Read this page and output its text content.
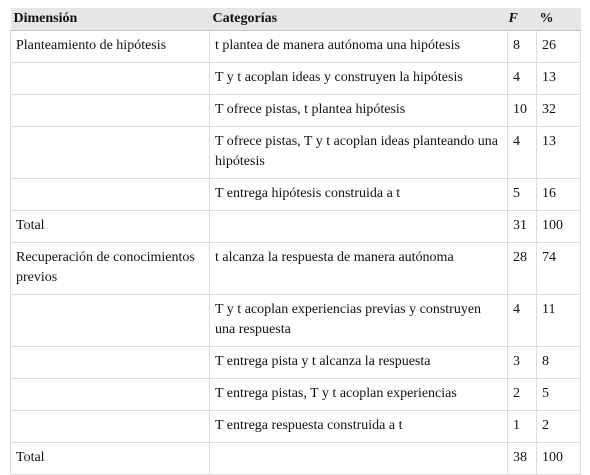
Dimensión	Categorías	F	%
Planteamiento de hipótesis	t plantea de manera autónoma una hipótesis	8	26
	T y t acoplan ideas y construyen la hipótesis	4	13
	T ofrece pistas, t plantea hipótesis	10	32
	T ofrece pistas, T y t acoplan ideas planteando una hipótesis	4	13
	T entrega hipótesis construida a t	5	16
Total		31	100
Recuperación de conocimientos previos	t alcanza la respuesta de manera autónoma	28	74
	T y t acoplan experiencias previas y construyen una respuesta	4	11
	T entrega pista y t alcanza la respuesta	3	8
	T entrega pistas, T y t acoplan experiencias	2	5
	T entrega respuesta construida a t	1	2
Total		38	100
